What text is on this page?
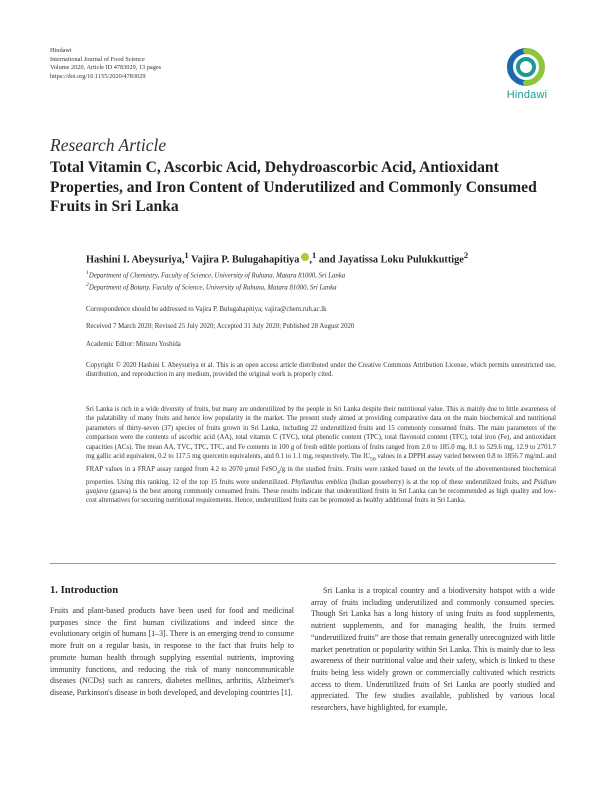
Hindawi
International Journal of Food Science
Volume 2020, Article ID 4783029, 13 pages
https://doi.org/10.1155/2020/4783029
Hindawi
Research Article
Total Vitamin C, Ascorbic Acid, Dehydroascorbic Acid, Antioxidant Properties, and Iron Content of Underutilized and Commonly Consumed Fruits in Sri Lanka
Hashini I. Abeysuriya,$^1$ Vajira P. Bulugahapitiya ,$^1$ and Jayatissa Loku Pulukkuttige$^2$
$^1$Department of Chemistry, Faculty of Science, University of Ruhuna, Matara 81000, Sri Lanka
$^2$Department of Botany, Faculty of Science, University of Ruhuna, Matara 81000, Sri Lanka
Correspondence should be addressed to Vajira P. Bulugahapitiya; vajira@chem.ruh.ac.lk
Received 7 March 2020; Revised 25 July 2020; Accepted 31 July 2020; Published 28 August 2020
Academic Editor: Mitsuru Yoshida
Copyright © 2020 Hashini I. Abeysuriya et al. This is an open access article distributed under the Creative Commons Attribution License, which permits unrestricted use, distribution, and reproduction in any medium, provided the original work is properly cited.

Sri Lanka is rich in a wide diversity of fruits, but many are underutilized by the people in Sri Lanka despite their nutritional value. This is mainly due to little awareness of the palatability of many fruits and hence low popularity in the market. The present study aimed at providing comparative data on the main biochemical and nutritional parameters of thirty-seven (37) species of fruits grown in Sri Lanka, including 22 underutilized fruits and 15 commonly consumed fruits. The main parameters of the comparison were the contents of ascorbic acid (AA), total vitamin C (TVC), total phenolic content (TPC), total flavonoid content (TFC), total iron (Fe), and antioxidant capacities (ACs). The mean AA, TVC, TPC, TFC, and Fe contents in 100 g of fresh edible portions of fruits ranged from 2.0 to 185.0 mg, 8.1 to 529.6 mg, 12.9 to 2701.7 mg gallic acid equivalent, 0.2 to 117.5 mg quercetin equivalents, and 0.1 to 1.1 mg, respectively. The $IC_{50}$ values in a DPPH assay varied between 0.8 to 1856.7 mg/mL and FRAP values in a FRAP assay ranged from 4.2 to 2070 μmol FeSO$_4$/g in the studied fruits. Fruits were ranked based on the levels of the abovementioned biochemical properties. Using this ranking, 12 of the top 15 fruits were underutilized. Phyllanthus emblica (Indian gooseberry) is at the top of these underutilized fruits, and Psidium guajava (guava) is the best among commonly consumed fruits. These results indicate that underutilized fruits in Sri Lanka can be recommended as high quality and low-cost alternatives for securing nutritional requirements. Hence, underutilized fruits can be promoted as healthy additional fruits in Sri Lanka.

1. Introduction

Fruits and plant-based products have been used for food and medicinal purposes since the first human civilizations and indeed since the evolutionary origin of humans [1–3]. There is an emerging trend to consume more fruit on a regular basis, in response to the fact that fruits help to promote human health through supplying essential nutrients, improving immunity functions, and reducing the risk of many noncommunicable diseases (NCDs) such as cancers, diabetes mellitus, arthritis, Alzheimer's disease, Parkinson's disease in both developed, and developing countries [1].

Sri Lanka is a tropical country and a biodiversity hotspot with a wide array of fruits including underutilized and commonly consumed species. Though Sri Lanka has a long history of using fruits as food supplements, nutrient supplements, and for managing health, the fruits termed “underutilized fruits” are those that remain generally unrecognized with little market penetration or popularity within Sri Lanka. This is mainly due to less awareness of their nutritional value and their safety, which is linked to these fruits being less widely grown or commercially cultivated which restricts access to them. Underutilized fruits of Sri Lanka are poorly studied and appreciated. The few studies available, published by various local researchers, have highlighted, for example,
